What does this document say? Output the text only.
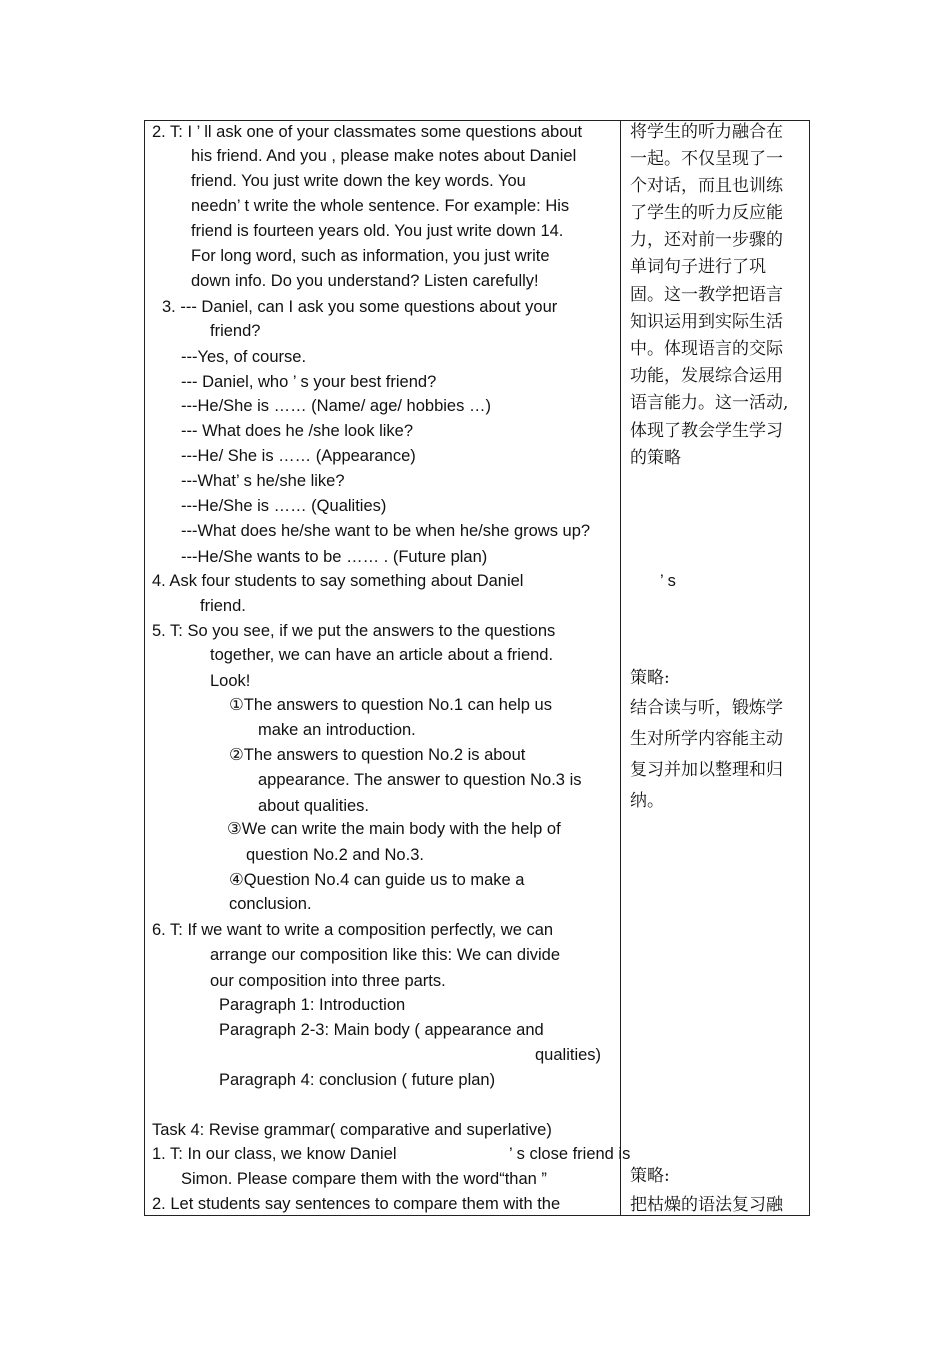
2. T: I ’ ll ask one of your classmates some questions about
his friend. And you , please make notes about Daniel
friend. You just write down the key words. You
needn’ t write the whole sentence. For example: His
friend is fourteen years old. You just write down 14.
For long word, such as information, you just write
down info. Do you understand? Listen carefully!
3. --- Daniel, can I ask you some questions about your
friend?
---Yes, of course.
--- Daniel, who ’ s your best friend?
---He/She is …… (Name/ age/ hobbies …)
--- What does he /she look like?
---He/ She is …… (Appearance)
---What’ s he/she like?
---He/She is …… (Qualities)
---What does he/she want to be when he/she grows up?
---He/She wants to be …… . (Future plan)
4. Ask four students to say something about Daniel
friend.
5. T: So you see, if we put the answers to the questions
together, we can have an article about a friend.
Look!
①The answers to question No.1 can help us
make an introduction.
②The answers to question No.2 is about
appearance. The answer to question No.3 is
about qualities.
③We can write the main body with the help of
question No.2 and No.3.
④Question No.4 can guide us to make a
conclusion.
6. T: If we want to write a composition perfectly, we can
arrange our composition like this: We can divide
our composition into three parts.
Paragraph 1: Introduction
Paragraph 2-3: Main body ( appearance and
qualities)
Paragraph 4: conclusion ( future plan)
Task 4: Revise grammar( comparative and superlative)
1. T: In our class, we know Daniel	’ s close friend is
Simon. Please compare them with the word“than ”
2. Let students say sentences to compare them with the
将学生的听力融合在
一起。不仅呈现了一
个对话，而且也训练
了学生的听力反应能
力，还对前一步骤的
单词句子进行了巩
固。这一教学把语言
知识运用到实际生活
中。体现语言的交际
功能，发展综合运用
语言能力。这一活动,
体现了教会学生学习
的策略
’ s
策略:
结合读与听，锻炼学
生对所学内容能主动
复习并加以整理和归
纳。
策略:
把枯燥的语法复习融
